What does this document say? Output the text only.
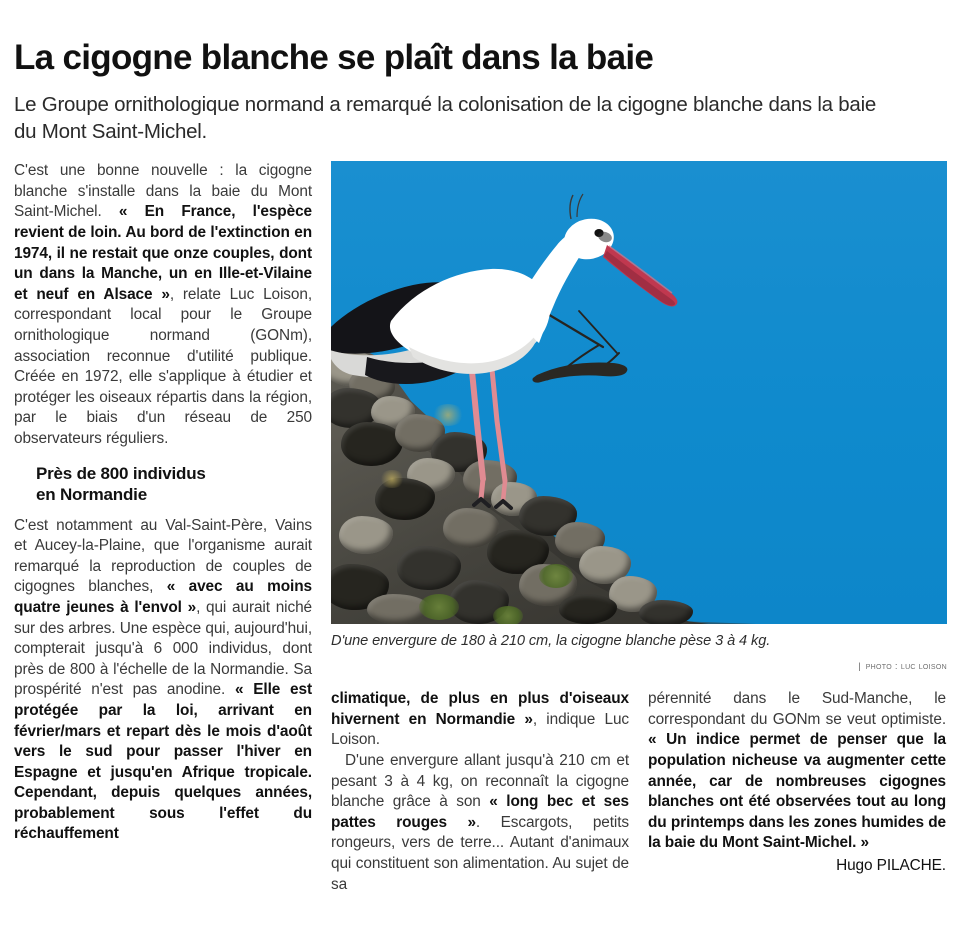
La cigogne blanche se plaît dans la baie
Le Groupe ornithologique normand a remarqué la colonisation de la cigogne blanche dans la baie du Mont Saint-Michel.

C'est une bonne nouvelle : la cigogne blanche s'installe dans la baie du Mont Saint-Michel. « En France, l'espèce revient de loin. Au bord de l'extinction en 1974, il ne restait que onze couples, dont un dans la Manche, un en Ille-et-Vilaine et neuf en Alsace », relate Luc Loison, correspondant local pour le Groupe ornithologique normand (GONm), association reconnue d'utilité publique. Créée en 1972, elle s'applique à étudier et protéger les oiseaux répartis dans la région, par le biais d'un réseau de 250 observateurs réguliers.

Près de 800 individus
en Normandie

C'est notamment au Val-Saint-Père, Vains et Aucey-la-Plaine, que l'organisme aurait remarqué la reproduction de couples de cigognes blanches, « avec au moins quatre jeunes à l'envol », qui aurait niché sur des arbres. Une espèce qui, aujourd'hui, compterait jusqu'à 6 000 individus, dont près de 800 à l'échelle de la Normandie. Sa prospérité n'est pas anodine. « Elle est protégée par la loi, arrivant en février/mars et repart dès le mois d'août vers le sud pour passer l'hiver en Espagne et jusqu'en Afrique tropicale. Cependant, depuis quelques années, probablement sous l'effet du réchauffement

D'une envergure de 180 à 210 cm, la cigogne blanche pèse 3 à 4 kg.
| photo : luc loison

climatique, de plus en plus d'oiseaux hivernent en Normandie », indique Luc Loison.

D'une envergure allant jusqu'à 210 cm et pesant 3 à 4 kg, on reconnaît la cigogne blanche grâce à son « long bec et ses pattes rouges ». Escargots, petits rongeurs, vers de terre... Autant d'animaux qui constituent son alimentation. Au sujet de sa

pérennité dans le Sud-Manche, le correspondant du GONm se veut optimiste. « Un indice permet de penser que la population nicheuse va augmenter cette année, car de nombreuses cigognes blanches ont été observées tout au long du printemps dans les zones humides de la baie du Mont Saint-Michel. »

Hugo PILACHE.
